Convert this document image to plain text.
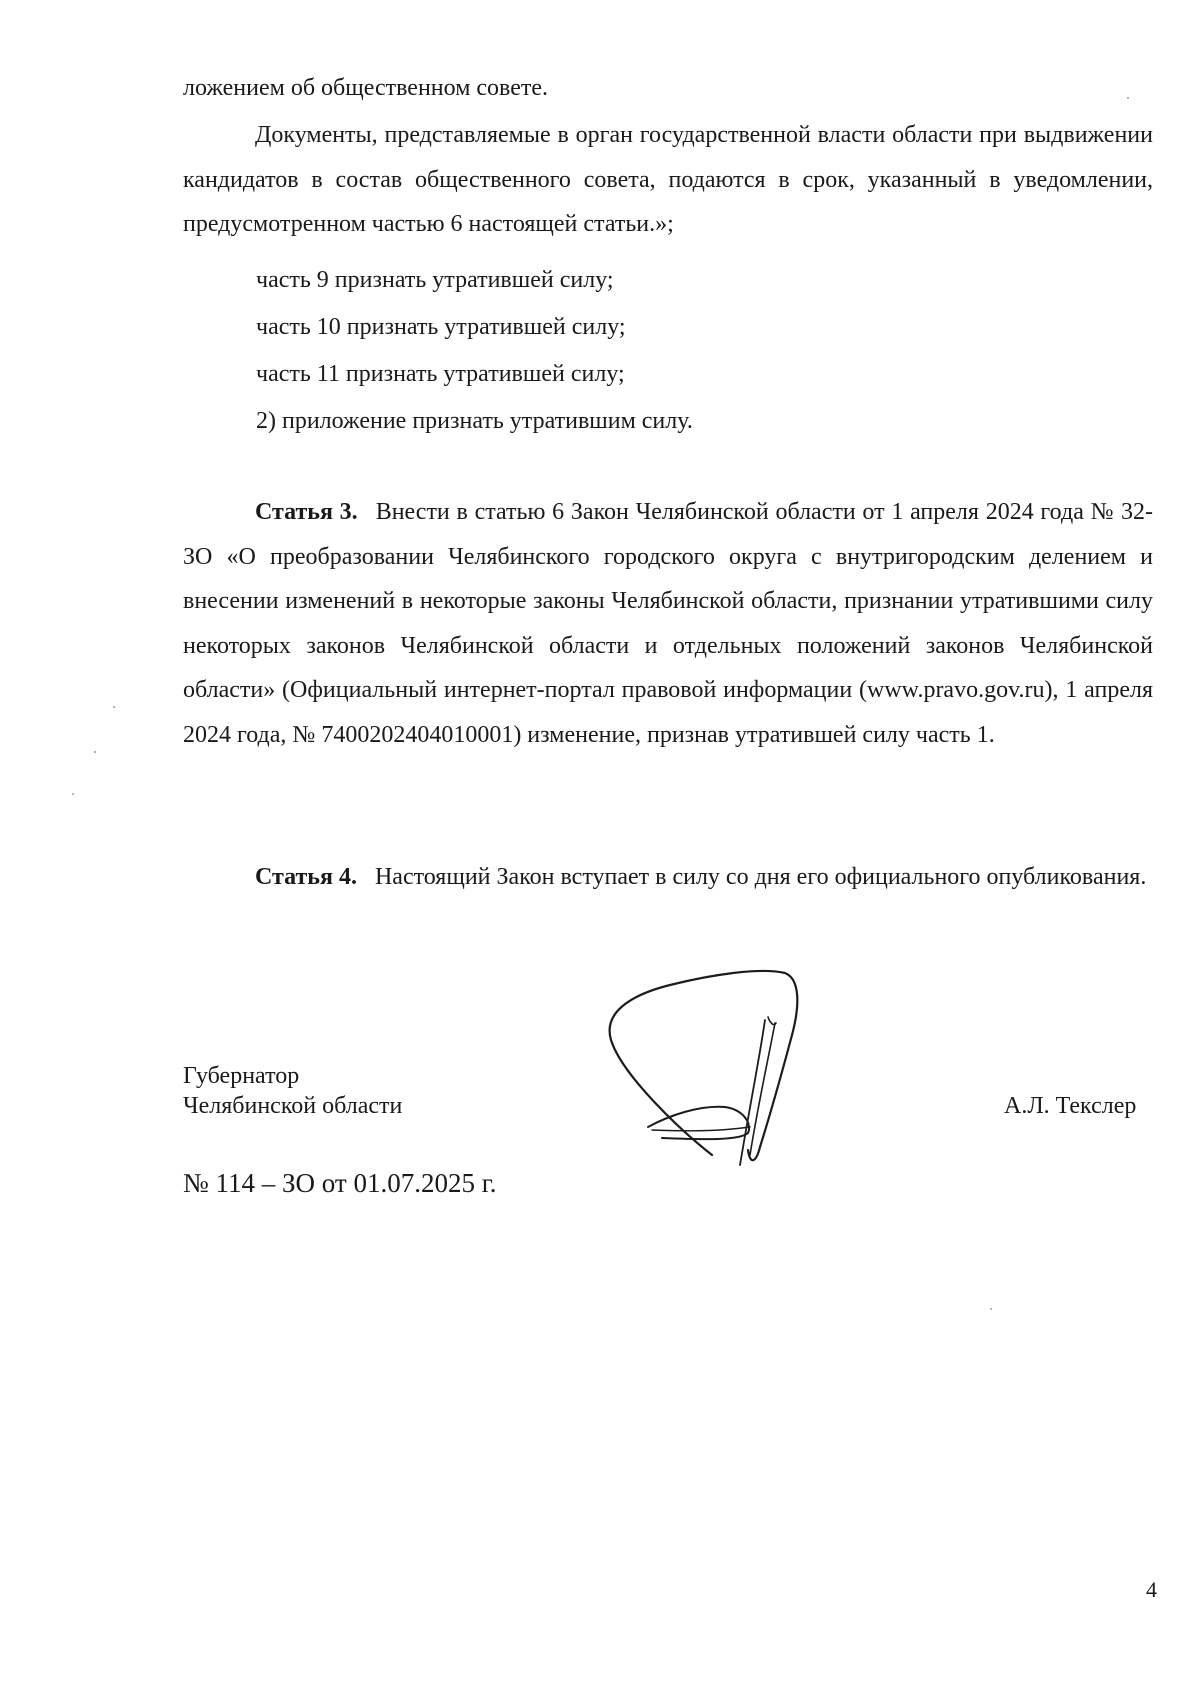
ложением об общественном совете.

Документы, представляемые в орган государственной власти области при выдвижении кандидатов в состав общественного совета, подаются в срок, указанный в уведомлении, предусмотренном частью 6 настоящей статьи.»;

часть 9 признать утратившей силу;

часть 10 признать утратившей силу;

часть 11 признать утратившей силу;

2) приложение признать утратившим силу.

Статья 3. Внести в статью 6 Закон Челябинской области от 1 апреля 2024 года № 32-ЗО «О преобразовании Челябинского городского округа с внутригородским делением и внесении изменений в некоторые законы Челябинской области, признании утратившими силу некоторых законов Челябинской области и отдельных положений законов Челябинской области» (Официальный интернет-портал правовой информации (www.pravo.gov.ru), 1 апреля 2024 года, № 7400202404010001) изменение, признав утратившей силу часть 1.

Статья 4. Настоящий Закон вступает в силу со дня его официального опубликования.

Губернатор
Челябинской области	А.Л. Текслер

№ 114 – ЗО от 01.07.2025 г.

4
